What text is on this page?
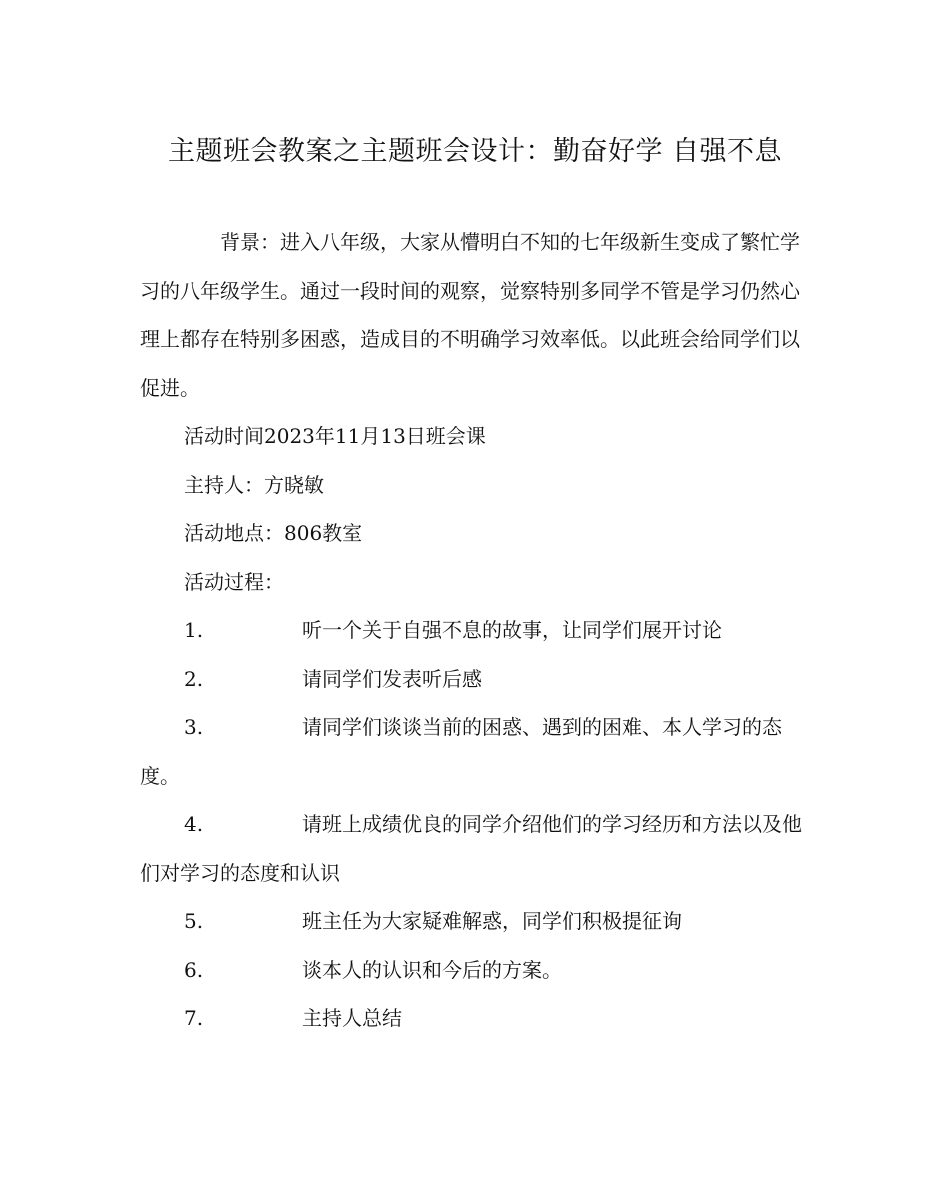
主题班会教案之主题班会设计：勤奋好学 自强不息

背景：进入八年级，大家从懵明白不知的七年级新生变成了繁忙学习的八年级学生。通过一段时间的观察，觉察特别多同学不管是学习仍然心理上都存在特别多困惑，造成目的不明确学习效率低。以此班会给同学们以促进。

活动时间2023年11月13日班会课

主持人：方晓敏

活动地点：806教室

活动过程：

1.	听一个关于自强不息的故事，让同学们展开讨论

2.	请同学们发表听后感

3.	请同学们谈谈当前的困惑、遇到的困难、本人学习的态度。

4.	请班上成绩优良的同学介绍他们的学习经历和方法以及他们对学习的态度和认识

5.	班主任为大家疑难解惑，同学们积极提征询

6.	谈本人的认识和今后的方案。

7.	主持人总结
